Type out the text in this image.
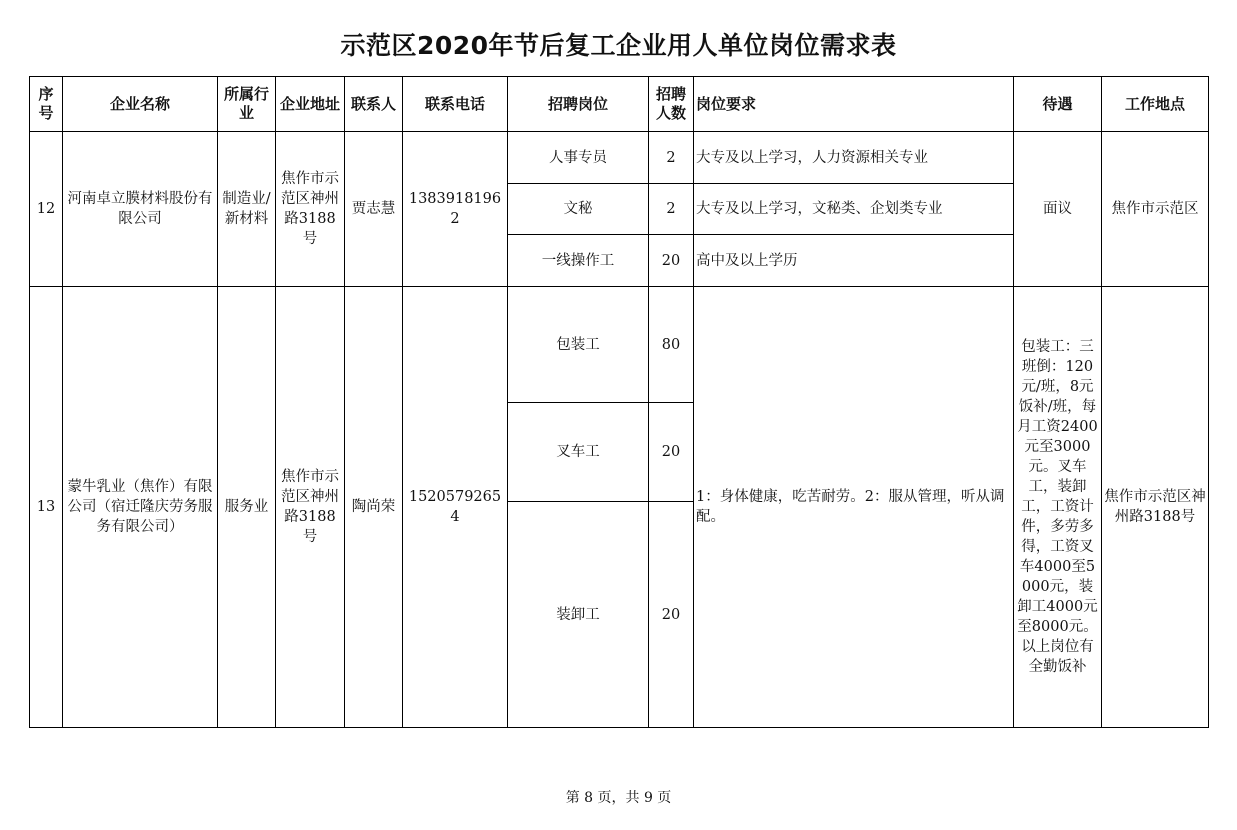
示范区2020年节后复工企业用人单位岗位需求表
序号	企业名称	所属行业	企业地址	联系人	联系电话	招聘岗位	招聘人数	岗位要求	待遇	工作地点
12	河南卓立膜材料股份有限公司	制造业/新材料	焦作市示范区神州路3188号	贾志慧	13839181962	人事专员	2	大专及以上学习，人力资源相关专业	面议	焦作市示范区
						文秘	2	大专及以上学习，文秘类、企划类专业		
						一线操作工	20	高中及以上学历		
13	蒙牛乳业（焦作）有限公司（宿迁隆庆劳务服务有限公司）	服务业	焦作市示范区神州路3188号	陶尚荣	15205792654	包装工	80	1：身体健康，吃苦耐劳。2：服从管理，听从调配。	包装工：三班倒：120元/班，8元饭补/班，每月工资2400元至3000元。叉车工，装卸工，工资计件，多劳多得，工资叉车4000至5000元，装卸工4000元至8000元。以上岗位有全勤饭补	焦作市示范区神州路3188号
						叉车工	20			
						装卸工	20			
第 8 页，共 9 页
